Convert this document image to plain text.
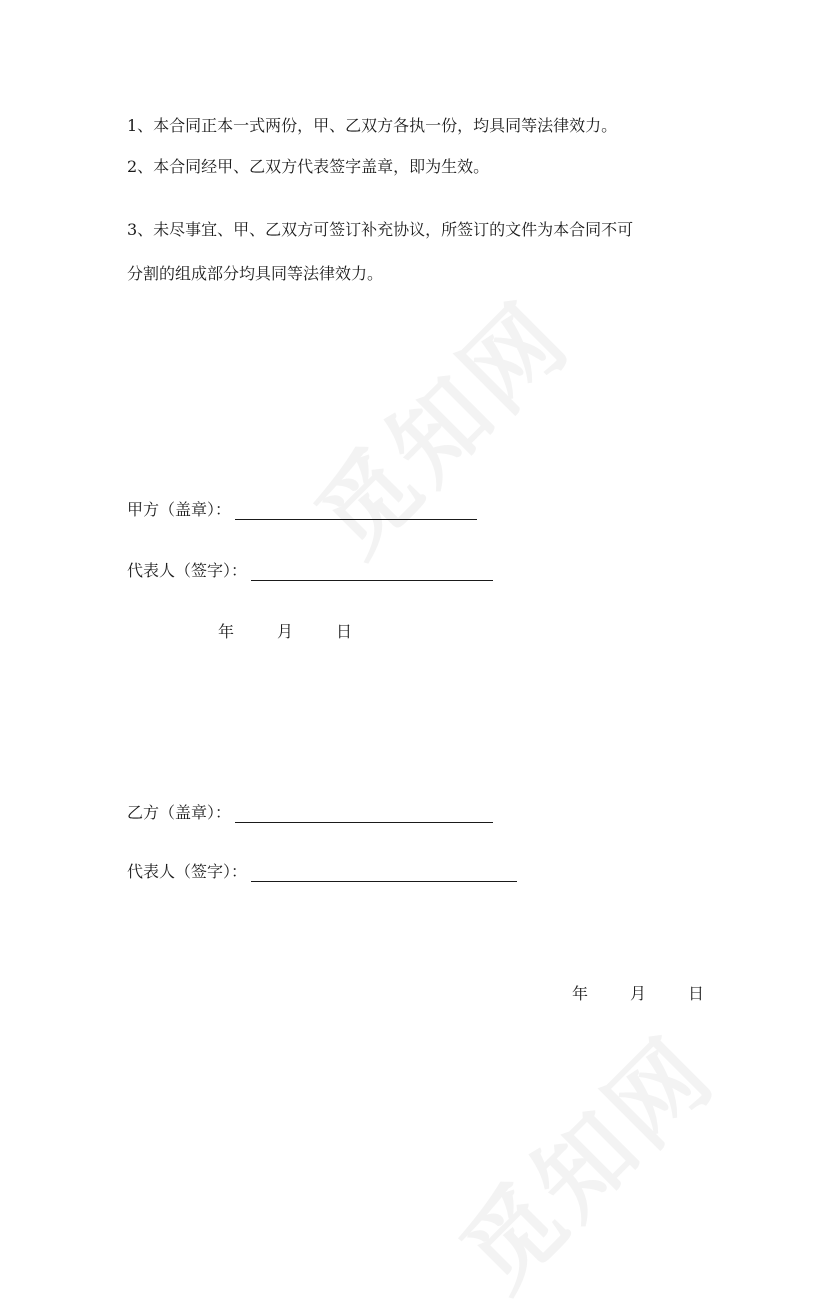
觅知网
觅知网
1、本合同正本一式两份，甲、乙双方各执一份，均具同等法律效力。
2、本合同经甲、乙双方代表签字盖章，即为生效。
3、未尽事宜、甲、乙双方可签订补充协议，所签订的文件为本合同不可
分割的组成部分均具同等法律效力。
甲方（盖章）：
代表人（签字）：
年	月	日
乙方（盖章）：
代表人（签字）：
年	月	日
